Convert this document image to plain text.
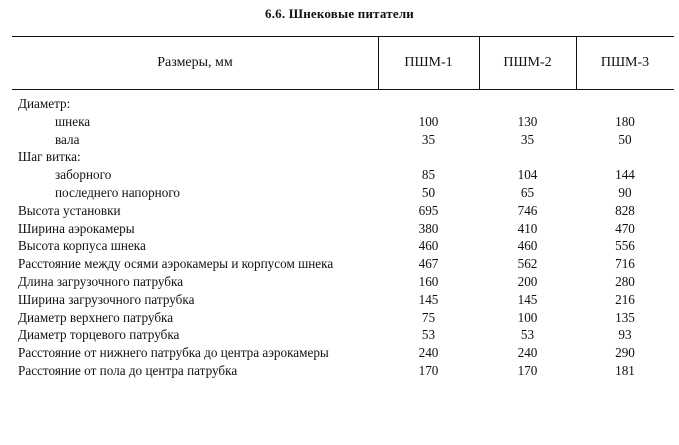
6.6. Шнековые питатели
Размеры, мм	ПШМ-1	ПШМ-2	ПШМ-3
Диаметр:
шнека	100	130	180
вала	35	35	50
Шаг витка:
заборного	85	104	144
последнего напорного	50	65	90
Высота установки	695	746	828
Ширина аэрокамеры	380	410	470
Высота корпуса шнека	460	460	556
Расстояние между осями аэрокамеры и корпусом шнека	467	562	716
Длина загрузочного патрубка	160	200	280
Ширина загрузочного патрубка	145	145	216
Диаметр верхнего патрубка	75	100	135
Диаметр торцевого патрубка	53	53	93
Расстояние от нижнего патрубка до центра аэрокамеры	240	240	290
Расстояние от пола до центра патрубка	170	170	181
